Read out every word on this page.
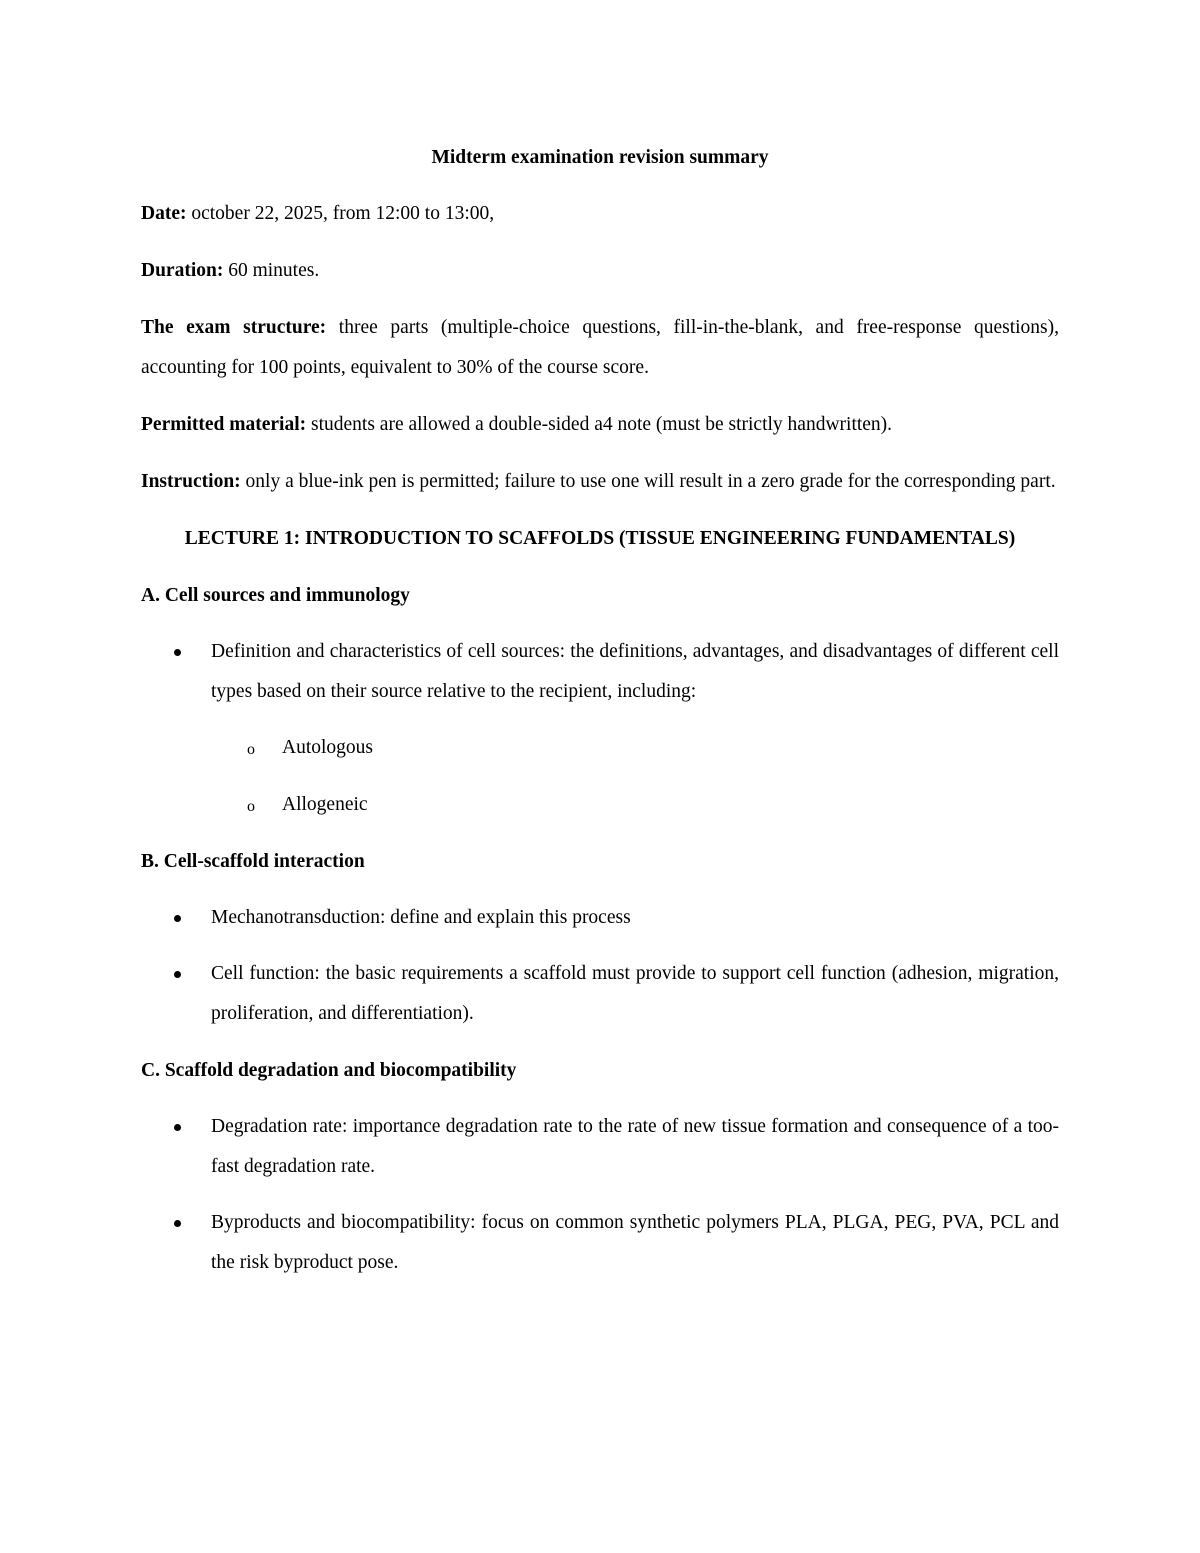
Midterm examination revision summary

Date: october 22, 2025, from 12:00 to 13:00,

Duration: 60 minutes.

The exam structure: three parts (multiple-choice questions, fill-in-the-blank, and free-response questions), accounting for 100 points, equivalent to 30% of the course score.

Permitted material: students are allowed a double-sided a4 note (must be strictly handwritten).

Instruction: only a blue-ink pen is permitted; failure to use one will result in a zero grade for the corresponding part.

LECTURE 1: INTRODUCTION TO SCAFFOLDS (TISSUE ENGINEERING FUNDAMENTALS)

A. Cell sources and immunology

Definition and characteristics of cell sources: the definitions, advantages, and disadvantages of different cell types based on their source relative to the recipient, including:
o Autologous
o Allogeneic

B. Cell-scaffold interaction

Mechanotransduction: define and explain this process
Cell function: the basic requirements a scaffold must provide to support cell function (adhesion, migration, proliferation, and differentiation).

C. Scaffold degradation and biocompatibility

Degradation rate: importance degradation rate to the rate of new tissue formation and consequence of a too-fast degradation rate.
Byproducts and biocompatibility: focus on common synthetic polymers PLA, PLGA, PEG, PVA, PCL and the risk byproduct pose.
